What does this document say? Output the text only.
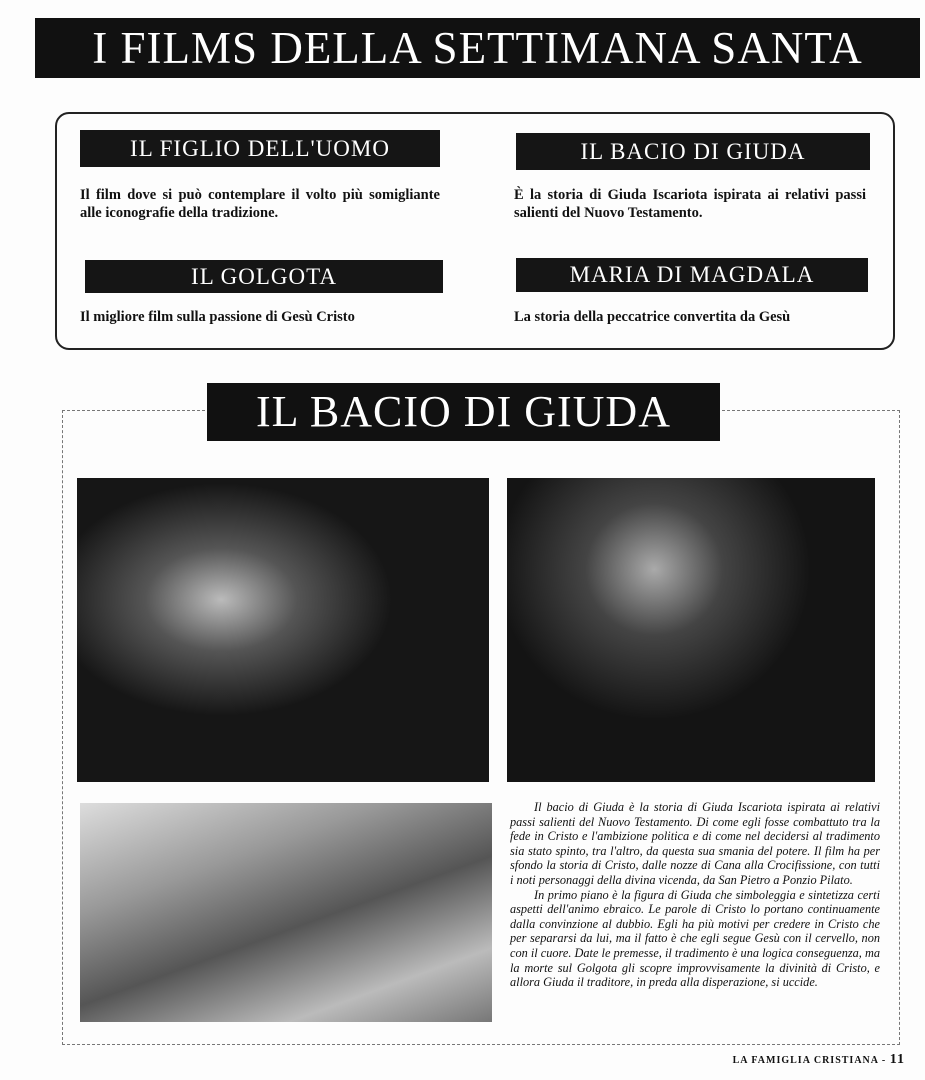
I FILMS DELLA SETTIMANA SANTA
IL FIGLIO DELL'UOMO
Il film dove si può contemplare il volto più somigliante alle iconografie della tradizione.
IL BACIO DI GIUDA
È la storia di Giuda Iscariota ispirata ai relativi passi salienti del Nuovo Testamento.
IL GOLGOTA
Il migliore film sulla passione di Gesù Cristo
MARIA DI MAGDALA
La storia della peccatrice convertita da Gesù
IL BACIO DI GIUDA

Il bacio di Giuda è la storia di Giuda Iscariota ispirata ai relativi passi salienti del Nuovo Testamento. Di come egli fosse combattuto tra la fede in Cristo e l'ambizione politica e di come nel decidersi al tradimento sia stato spinto, tra l'altro, da questa sua smania del potere. Il film ha per sfondo la storia di Cristo, dalle nozze di Cana alla Crocifissione, con tutti i noti personaggi della divina vicenda, da San Pietro a Ponzio Pilato.

In primo piano è la figura di Giuda che simboleggia e sintetizza certi aspetti dell'animo ebraico. Le parole di Cristo lo portano continuamente dalla convinzione al dubbio. Egli ha più motivi per credere in Cristo che per separarsi da lui, ma il fatto è che egli segue Gesù con il cervello, non con il cuore. Date le premesse, il tradimento è una logica conseguenza, ma la morte sul Golgota gli scopre improvvisamente la divinità di Cristo, e allora Giuda il traditore, in preda alla disperazione, si uccide.

LA FAMIGLIA CRISTIANA - 11
